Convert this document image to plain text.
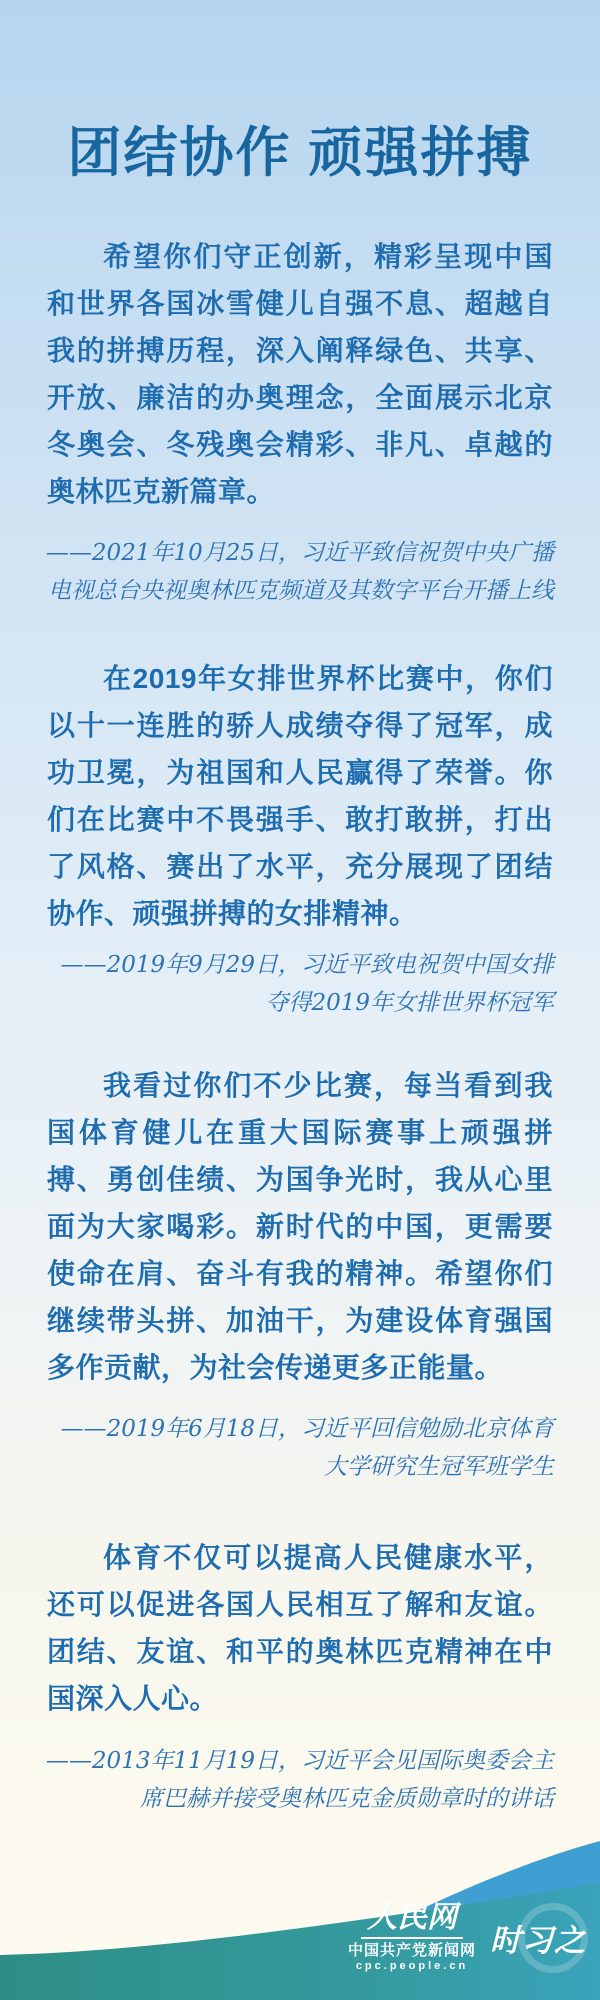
团结协作 顽强拼搏

希望你们守正创新，精彩呈现中国和世界各国冰雪健儿自强不息、超越自我的拼搏历程，深入阐释绿色、共享、开放、廉洁的办奥理念，全面展示北京冬奥会、冬残奥会精彩、非凡、卓越的奥林匹克新篇章。

——2021年10月25日，习近平致信祝贺中央广播电视总台央视奥林匹克频道及其数字平台开播上线

在2019年女排世界杯比赛中，你们以十一连胜的骄人成绩夺得了冠军，成功卫冕，为祖国和人民赢得了荣誉。你们在比赛中不畏强手、敢打敢拼，打出了风格、赛出了水平，充分展现了团结协作、顽强拼搏的女排精神。

——2019年9月29日，习近平致电祝贺中国女排夺得2019年女排世界杯冠军

我看过你们不少比赛，每当看到我国体育健儿在重大国际赛事上顽强拼搏、勇创佳绩、为国争光时，我从心里面为大家喝彩。新时代的中国，更需要使命在肩、奋斗有我的精神。希望你们继续带头拼、加油干，为建设体育强国多作贡献，为社会传递更多正能量。

——2019年6月18日，习近平回信勉励北京体育大学研究生冠军班学生

体育不仅可以提高人民健康水平，还可以促进各国人民相互了解和友谊。团结、友谊、和平的奥林匹克精神在中国深入人心。

——2013年11月19日，习近平会见国际奥委会主席巴赫并接受奥林匹克金质勋章时的讲话

人民网
中国共产党新闻网
cpc.people.cn
时习之
